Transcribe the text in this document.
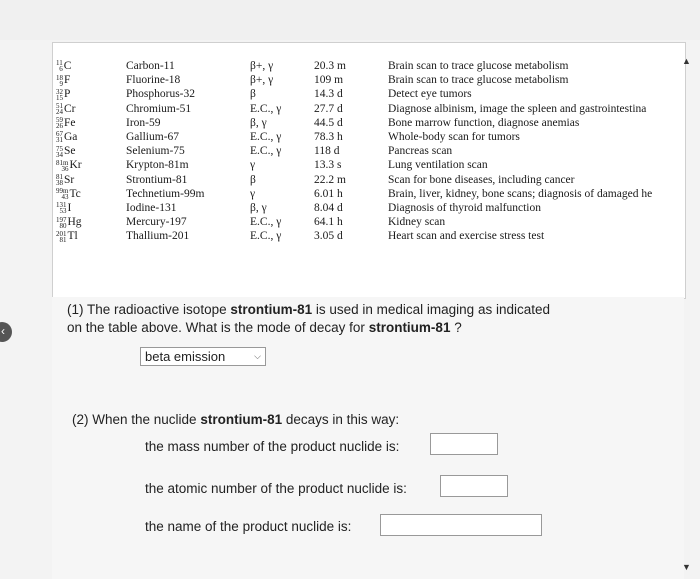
▲
▼
‹
11
6C	Carbon-11	β+, γ	20.3 m	Brain scan to trace glucose metabolism
18
9F	Fluorine-18	β+, γ	109 m	Brain scan to trace glucose metabolism
32
15P	Phosphorus-32	β	14.3 d	Detect eye tumors
51
24Cr	Chromium-51	E.C., γ	27.7 d	Diagnose albinism, image the spleen and gastrointestina
59
26Fe	Iron-59	β, γ	44.5 d	Bone marrow function, diagnose anemias
67
31Ga	Gallium-67	E.C., γ	78.3 h	Whole-body scan for tumors
75
34Se	Selenium-75	E.C., γ	118 d	Pancreas scan
81m
36Kr	Krypton-81m	γ	13.3 s	Lung ventilation scan
81
38Sr	Strontium-81	β	22.2 m	Scan for bone diseases, including cancer
99m
43Tc	Technetium-99m	γ	6.01 h	Brain, liver, kidney, bone scans; diagnosis of damaged he
131
53I	Iodine-131	β, γ	8.04 d	Diagnosis of thyroid malfunction
197
80Hg	Mercury-197	E.C., γ	64.1 h	Kidney scan
201
81Tl	Thallium-201	E.C., γ	3.05 d	Heart scan and exercise stress test
(1) The radioactive isotope strontium-81 is used in medical imaging as indicated
on the table above. What is the mode of decay for strontium-81 ?
beta emission	⌵
(2) When the nuclide strontium-81 decays in this way:
the mass number of the product nuclide is:
the atomic number of the product nuclide is:
the name of the product nuclide is:
